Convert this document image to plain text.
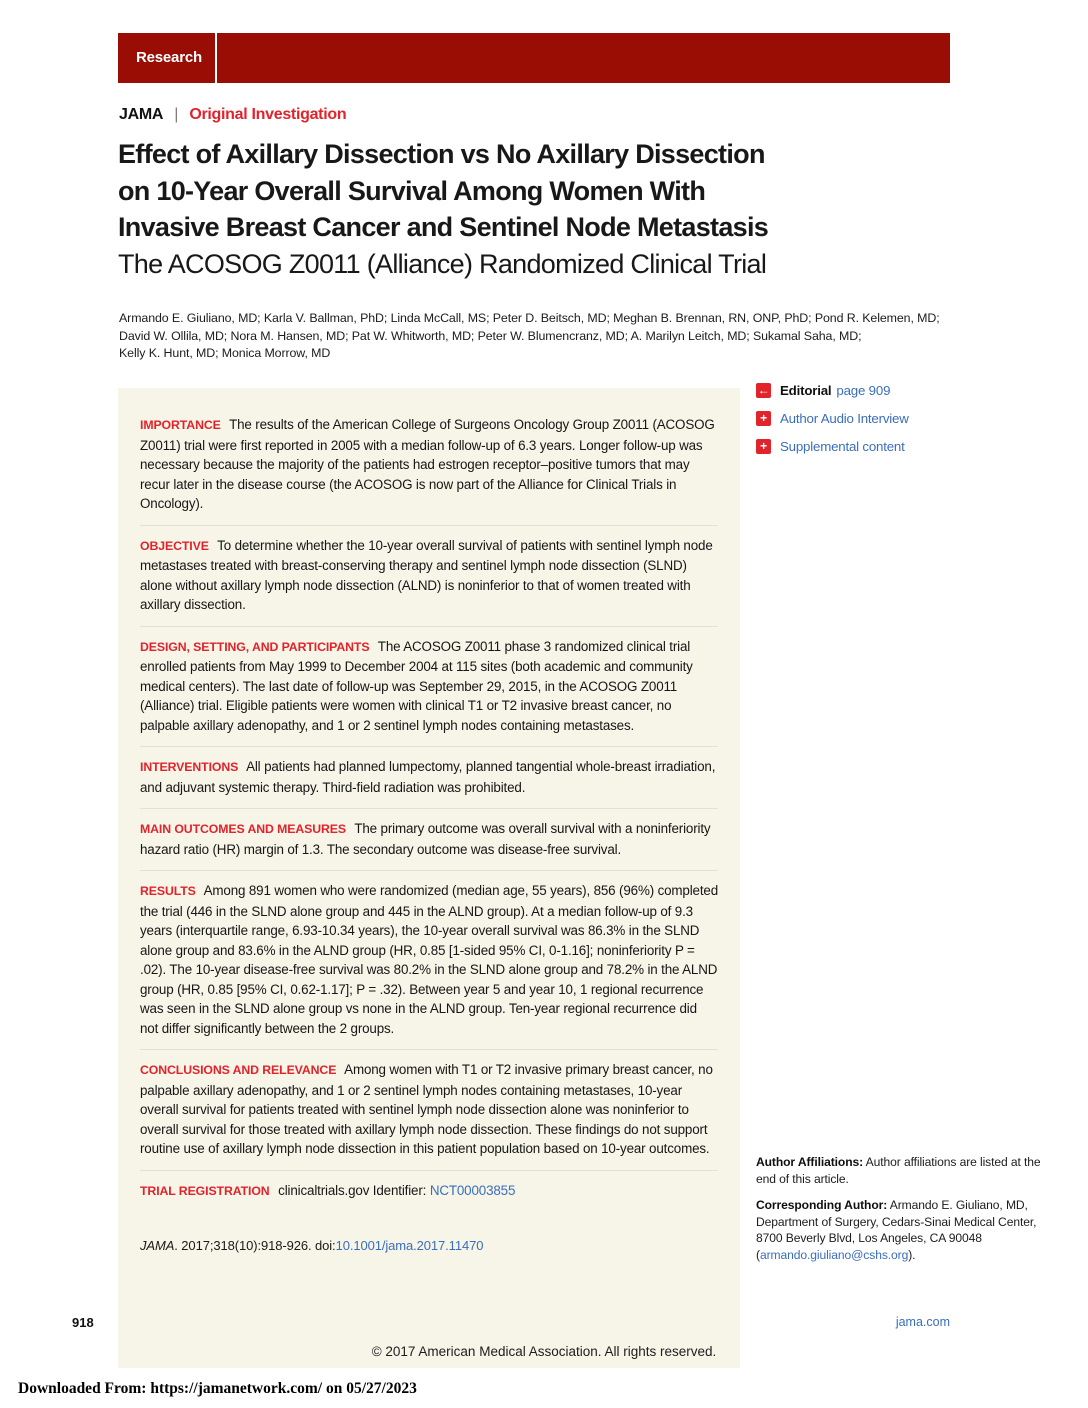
Research
JAMA | Original Investigation
Effect of Axillary Dissection vs No Axillary Dissection
on 10-Year Overall Survival Among Women With
Invasive Breast Cancer and Sentinel Node Metastasis
The ACOSOG Z0011 (Alliance) Randomized Clinical Trial
Armando E. Giuliano, MD; Karla V. Ballman, PhD; Linda McCall, MS; Peter D. Beitsch, MD; Meghan B. Brennan, RN, ONP, PhD; Pond R. Kelemen, MD;
David W. Ollila, MD; Nora M. Hansen, MD; Pat W. Whitworth, MD; Peter W. Blumencranz, MD; A. Marilyn Leitch, MD; Sukamal Saha, MD;
Kelly K. Hunt, MD; Monica Morrow, MD

IMPORTANCE The results of the American College of Surgeons Oncology Group Z0011 (ACOSOG Z0011) trial were first reported in 2005 with a median follow-up of 6.3 years. Longer follow-up was necessary because the majority of the patients had estrogen receptor–positive tumors that may recur later in the disease course (the ACOSOG is now part of the Alliance for Clinical Trials in Oncology).

OBJECTIVE To determine whether the 10-year overall survival of patients with sentinel lymph node metastases treated with breast-conserving therapy and sentinel lymph node dissection (SLND) alone without axillary lymph node dissection (ALND) is noninferior to that of women treated with axillary dissection.

DESIGN, SETTING, AND PARTICIPANTS The ACOSOG Z0011 phase 3 randomized clinical trial enrolled patients from May 1999 to December 2004 at 115 sites (both academic and community medical centers). The last date of follow-up was September 29, 2015, in the ACOSOG Z0011 (Alliance) trial. Eligible patients were women with clinical T1 or T2 invasive breast cancer, no palpable axillary adenopathy, and 1 or 2 sentinel lymph nodes containing metastases.

INTERVENTIONS All patients had planned lumpectomy, planned tangential whole-breast irradiation, and adjuvant systemic therapy. Third-field radiation was prohibited.

MAIN OUTCOMES AND MEASURES The primary outcome was overall survival with a noninferiority hazard ratio (HR) margin of 1.3. The secondary outcome was disease-free survival.

RESULTS Among 891 women who were randomized (median age, 55 years), 856 (96%) completed the trial (446 in the SLND alone group and 445 in the ALND group). At a median follow-up of 9.3 years (interquartile range, 6.93-10.34 years), the 10-year overall survival was 86.3% in the SLND alone group and 83.6% in the ALND group (HR, 0.85 [1-sided 95% CI, 0-1.16]; noninferiority P = .02). The 10-year disease-free survival was 80.2% in the SLND alone group and 78.2% in the ALND group (HR, 0.85 [95% CI, 0.62-1.17]; P = .32). Between year 5 and year 10, 1 regional recurrence was seen in the SLND alone group vs none in the ALND group. Ten-year regional recurrence did not differ significantly between the 2 groups.

CONCLUSIONS AND RELEVANCE Among women with T1 or T2 invasive primary breast cancer, no palpable axillary adenopathy, and 1 or 2 sentinel lymph nodes containing metastases, 10-year overall survival for patients treated with sentinel lymph node dissection alone was noninferior to overall survival for those treated with axillary lymph node dissection. These findings do not support routine use of axillary lymph node dissection in this patient population based on 10-year outcomes.

TRIAL REGISTRATION clinicaltrials.gov Identifier: NCT00003855

JAMA. 2017;318(10):918-926. doi:10.1001/jama.2017.11470

← Editorial page 909
+ Author Audio Interview
+ Supplemental content

Author Affiliations: Author affiliations are listed at the end of this article.

Corresponding Author: Armando E. Giuliano, MD, Department of Surgery, Cedars-Sinai Medical Center, 8700 Beverly Blvd, Los Angeles, CA 90048 (armando.giuliano@cshs.org).

918	jama.com
© 2017 American Medical Association. All rights reserved.
Downloaded From: https://jamanetwork.com/ on 05/27/2023
